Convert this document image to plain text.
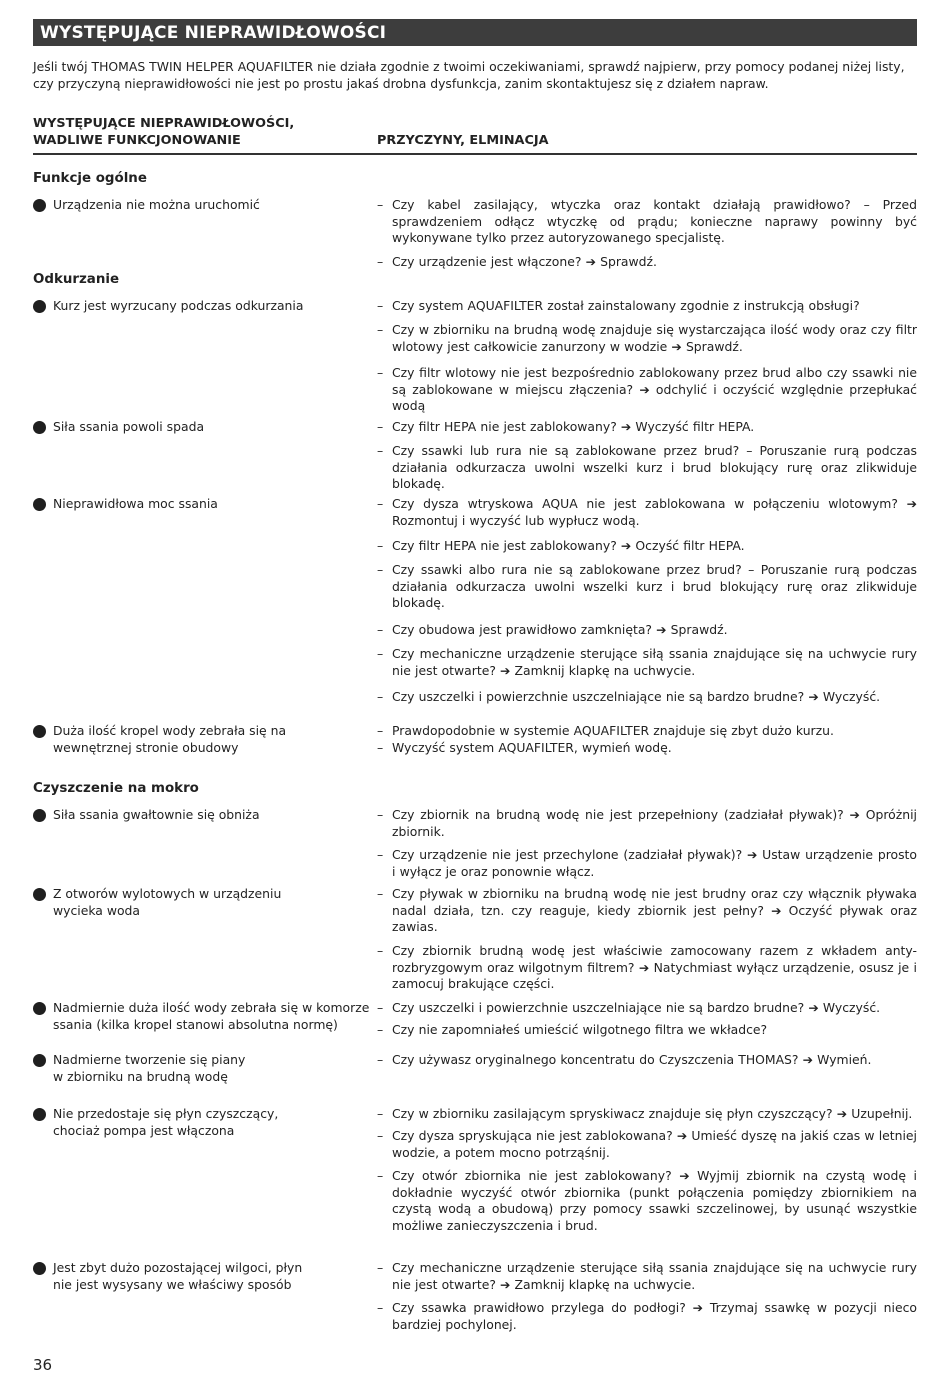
WYSTĘPUJĄCE NIEPRAWIDŁOWOŚCI
Jeśli twój THOMAS TWIN HELPER AQUAFILTER nie działa zgodnie z twoimi oczekiwaniami, sprawdź najpierw, przy pomocy podanej niżej listy,
czy przyczyną nieprawidłowości nie jest po prostu jakaś drobna dysfunkcja, zanim skontaktujesz się z działem napraw.
WYSTĘPUJĄCE NIEPRAWIDŁOWOŚCI,
WADLIWE FUNKCJONOWANIE	PRZYCZYNY, ELMINACJA
Funkcje ogólne
Urządzenia nie można uruchomić	– Czy kabel zasilający, wtyczka oraz kontakt działają prawidłowo? – Przed sprawdzeniem odłącz wtyczkę od prądu; konieczne naprawy powinny być wykonywane tylko przez autoryzowanego specjalistę.
– Czy urządzenie jest włączone? ➔ Sprawdź.
Odkurzanie
Kurz jest wyrzucany podczas odkurzania	– Czy system AQUAFILTER został zainstalowany zgodnie z instrukcją obsługi?
– Czy w zbiorniku na brudną wodę znajduje się wystarczająca ilość wody oraz czy filtr wlotowy jest całkowicie zanurzony w wodzie ➔ Sprawdź.
– Czy filtr wlotowy nie jest bezpośrednio zablokowany przez brud albo czy ssawki nie są zablokowane w miejscu złączenia? ➔ odchylić i oczyścić względnie przepłukać wodą
Siła ssania powoli spada	– Czy filtr HEPA nie jest zablokowany? ➔ Wyczyść filtr HEPA.
– Czy ssawki lub rura nie są zablokowane przez brud? – Poruszanie rurą podczas działania odkurzacza uwolni wszelki kurz i brud blokujący rurę oraz zlikwiduje blokadę.
Nieprawidłowa moc ssania	– Czy dysza wtryskowa AQUA nie jest zablokowana w połączeniu wlotowym? ➔ Rozmontuj i wyczyść lub wypłucz wodą.
– Czy filtr HEPA nie jest zablokowany? ➔ Oczyść filtr HEPA.
– Czy ssawki albo rura nie są zablokowane przez brud? – Poruszanie rurą podczas działania odkurzacza uwolni wszelki kurz i brud blokujący rurę oraz zlikwiduje blokadę.
– Czy obudowa jest prawidłowo zamknięta? ➔ Sprawdź.
– Czy mechaniczne urządzenie sterujące siłą ssania znajdujące się na uchwycie rury nie jest otwarte? ➔ Zamknij klapkę na uchwycie.
– Czy uszczelki i powierzchnie uszczelniające nie są bardzo brudne? ➔ Wyczyść.
Duża ilość kropel wody zebrała się na
wewnętrznej stronie obudowy
– Prawdopodobnie w systemie AQUAFILTER znajduje się zbyt dużo kurzu.
– Wyczyść system AQUAFILTER, wymień wodę.
Czyszczenie na mokro
Siła ssania gwałtownie się obniża	– Czy zbiornik na brudną wodę nie jest przepełniony (zadziałał pływak)? ➔ Opróżnij zbiornik.
– Czy urządzenie nie jest przechylone (zadziałał pływak)? ➔ Ustaw urządzenie prosto i wyłącz je oraz ponownie włącz.
Z otworów wylotowych w urządzeniu
wycieka woda
– Czy pływak w zbiorniku na brudną wodę nie jest brudny oraz czy włącznik pływaka nadal działa, tzn. czy reaguje, kiedy zbiornik jest pełny? ➔ Oczyść pływak oraz zawias.
– Czy zbiornik brudną wodę jest właściwie zamocowany razem z wkładem anty-rozbryzgowym oraz wilgotnym filtrem? ➔ Natychmiast wyłącz urządzenie, osusz je i zamocuj brakujące części.
Nadmiernie duża ilość wody zebrała się w komorze
ssania (kilka kropel stanowi absolutna normę)
– Czy uszczelki i powierzchnie uszczelniające nie są bardzo brudne? ➔ Wyczyść.
– Czy nie zapomniałeś umieścić wilgotnego filtra we wkładce?
Nadmierne tworzenie się piany
w zbiorniku na brudną wodę
– Czy używasz oryginalnego koncentratu do Czyszczenia THOMAS? ➔ Wymień.
Nie przedostaje się płyn czyszczący,
chociaż pompa jest włączona
– Czy w zbiorniku zasilającym spryskiwacz znajduje się płyn czyszczący? ➔ Uzupełnij.
– Czy dysza spryskująca nie jest zablokowana? ➔ Umieść dyszę na jakiś czas w letniej wodzie, a potem mocno potrząśnij.
– Czy otwór zbiornika nie jest zablokowany? ➔ Wyjmij zbiornik na czystą wodę i dokładnie wyczyść otwór zbiornika (punkt połączenia pomiędzy zbiornikiem na czystą wodą a obudową) przy pomocy ssawki szczelinowej, by usunąć wszystkie możliwe zanieczyszczenia i brud.
Jest zbyt dużo pozostającej wilgoci, płyn
nie jest wysysany we właściwy sposób
– Czy mechaniczne urządzenie sterujące siłą ssania znajdujące się na uchwycie rury nie jest otwarte? ➔ Zamknij klapkę na uchwycie.
– Czy ssawka prawidłowo przylega do podłogi? ➔ Trzymaj ssawkę w pozycji nieco bardziej pochylonej.
36
